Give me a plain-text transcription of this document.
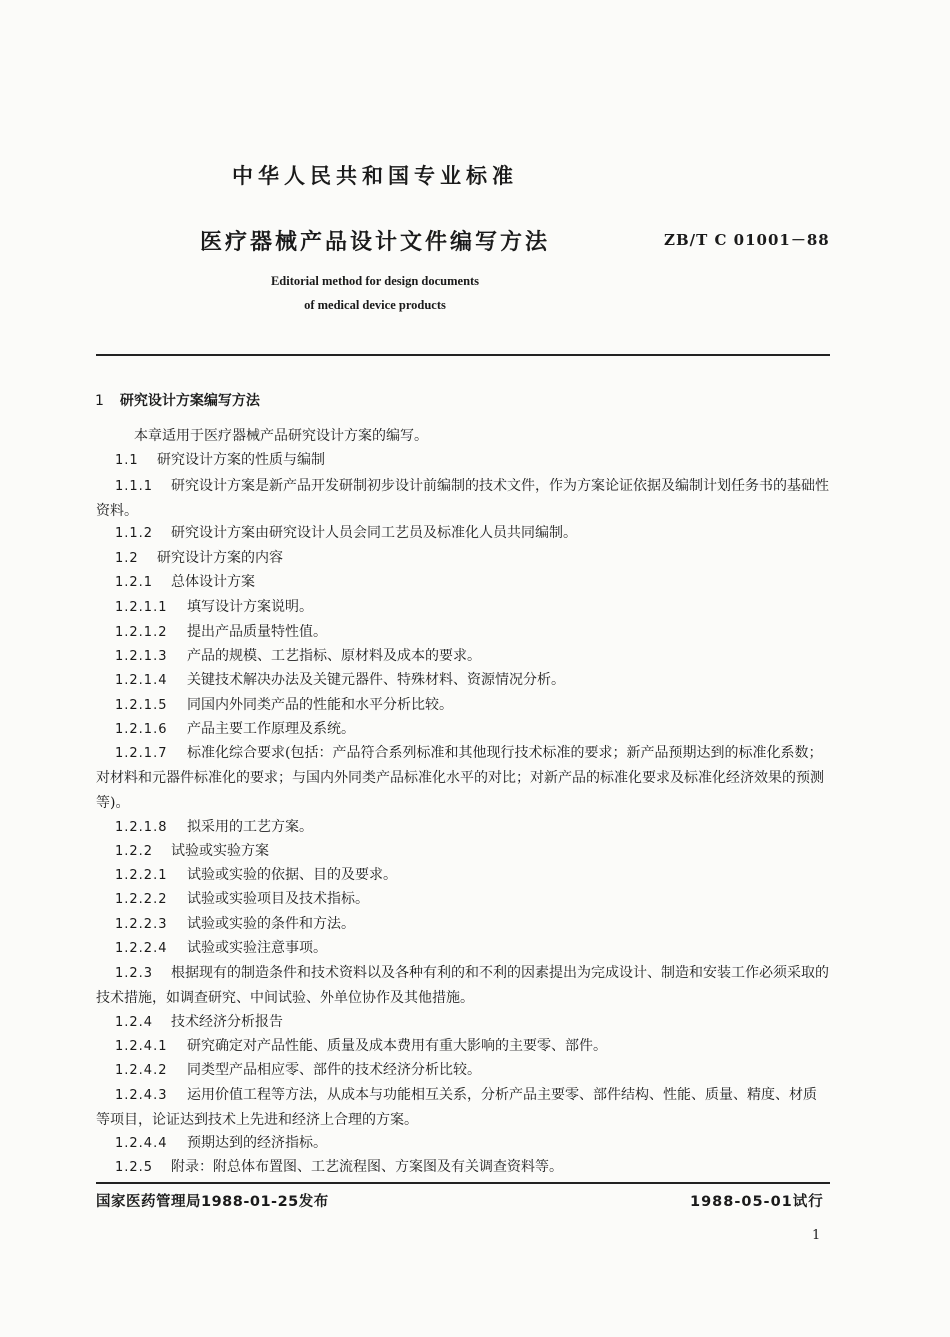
中华人民共和国专业标准
医疗器械产品设计文件编写方法	ZB/T C 01001－88
Editorial method for design documents
of medical device products
1 研究设计方案编写方法
本章适用于医疗器械产品研究设计方案的编写。
1.1 研究设计方案的性质与编制
1.1.1 研究设计方案是新产品开发研制初步设计前编制的技术文件，作为方案论证依据及编制计划任务书的基础性资料。
1.1.2 研究设计方案由研究设计人员会同工艺员及标准化人员共同编制。
1.2 研究设计方案的内容
1.2.1 总体设计方案
1.2.1.1 填写设计方案说明。
1.2.1.2 提出产品质量特性值。
1.2.1.3 产品的规模、工艺指标、原材料及成本的要求。
1.2.1.4 关键技术解决办法及关键元器件、特殊材料、资源情况分析。
1.2.1.5 同国内外同类产品的性能和水平分析比较。
1.2.1.6 产品主要工作原理及系统。
1.2.1.7 标准化综合要求(包括：产品符合系列标准和其他现行技术标准的要求；新产品预期达到的标准化系数；对材料和元器件标准化的要求；与国内外同类产品标准化水平的对比；对新产品的标准化要求及标准化经济效果的预测等)。
1.2.1.8 拟采用的工艺方案。
1.2.2 试验或实验方案
1.2.2.1 试验或实验的依据、目的及要求。
1.2.2.2 试验或实验项目及技术指标。
1.2.2.3 试验或实验的条件和方法。
1.2.2.4 试验或实验注意事项。
1.2.3 根据现有的制造条件和技术资料以及各种有利的和不利的因素提出为完成设计、制造和安装工作必须采取的技术措施，如调查研究、中间试验、外单位协作及其他措施。
1.2.4 技术经济分析报告
1.2.4.1 研究确定对产品性能、质量及成本费用有重大影响的主要零、部件。
1.2.4.2 同类型产品相应零、部件的技术经济分析比较。
1.2.4.3 运用价值工程等方法，从成本与功能相互关系，分析产品主要零、部件结构、性能、质量、精度、材质等项目，论证达到技术上先进和经济上合理的方案。
1.2.4.4 预期达到的经济指标。
1.2.5 附录：附总体布置图、工艺流程图、方案图及有关调查资料等。
国家医药管理局1988-01-25发布	1988-05-01试行
1
